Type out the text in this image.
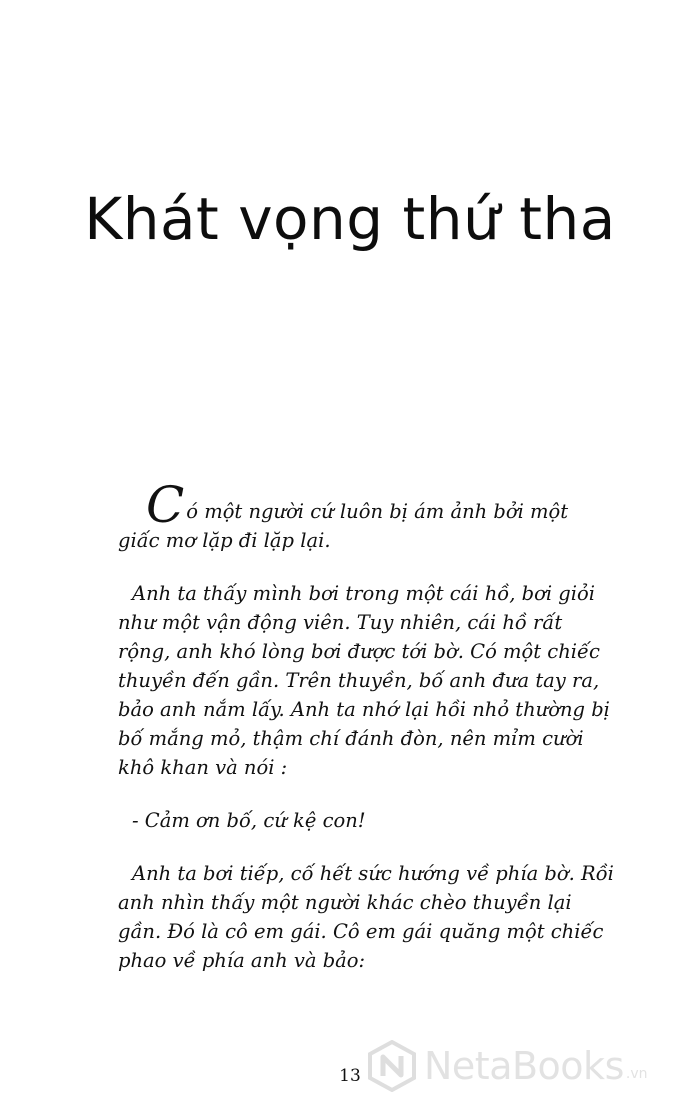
Khát vọng thứ tha

Có một người cứ luôn bị ám ảnh bởi một
giấc mơ lặp đi lặp lại.

Anh ta thấy mình bơi trong một cái hồ, bơi giỏi như một vận động viên. Tuy nhiên, cái hồ rất rộng, anh khó lòng bơi được tới bờ. Có một chiếc thuyền đến gần. Trên thuyền, bố anh đưa tay ra, bảo anh nắm lấy. Anh ta nhớ lại hồi nhỏ thường bị bố mắng mỏ, thậm chí đánh đòn, nên mỉm cười khô khan và nói :

- Cảm ơn bố, cứ kệ con!

Anh ta bơi tiếp, cố hết sức hướng về phía bờ. Rồi anh nhìn thấy một người khác chèo thuyền lại gần. Đó là cô em gái. Cô em gái quăng một chiếc phao về phía anh và bảo:

13	NetaBooks .vn
